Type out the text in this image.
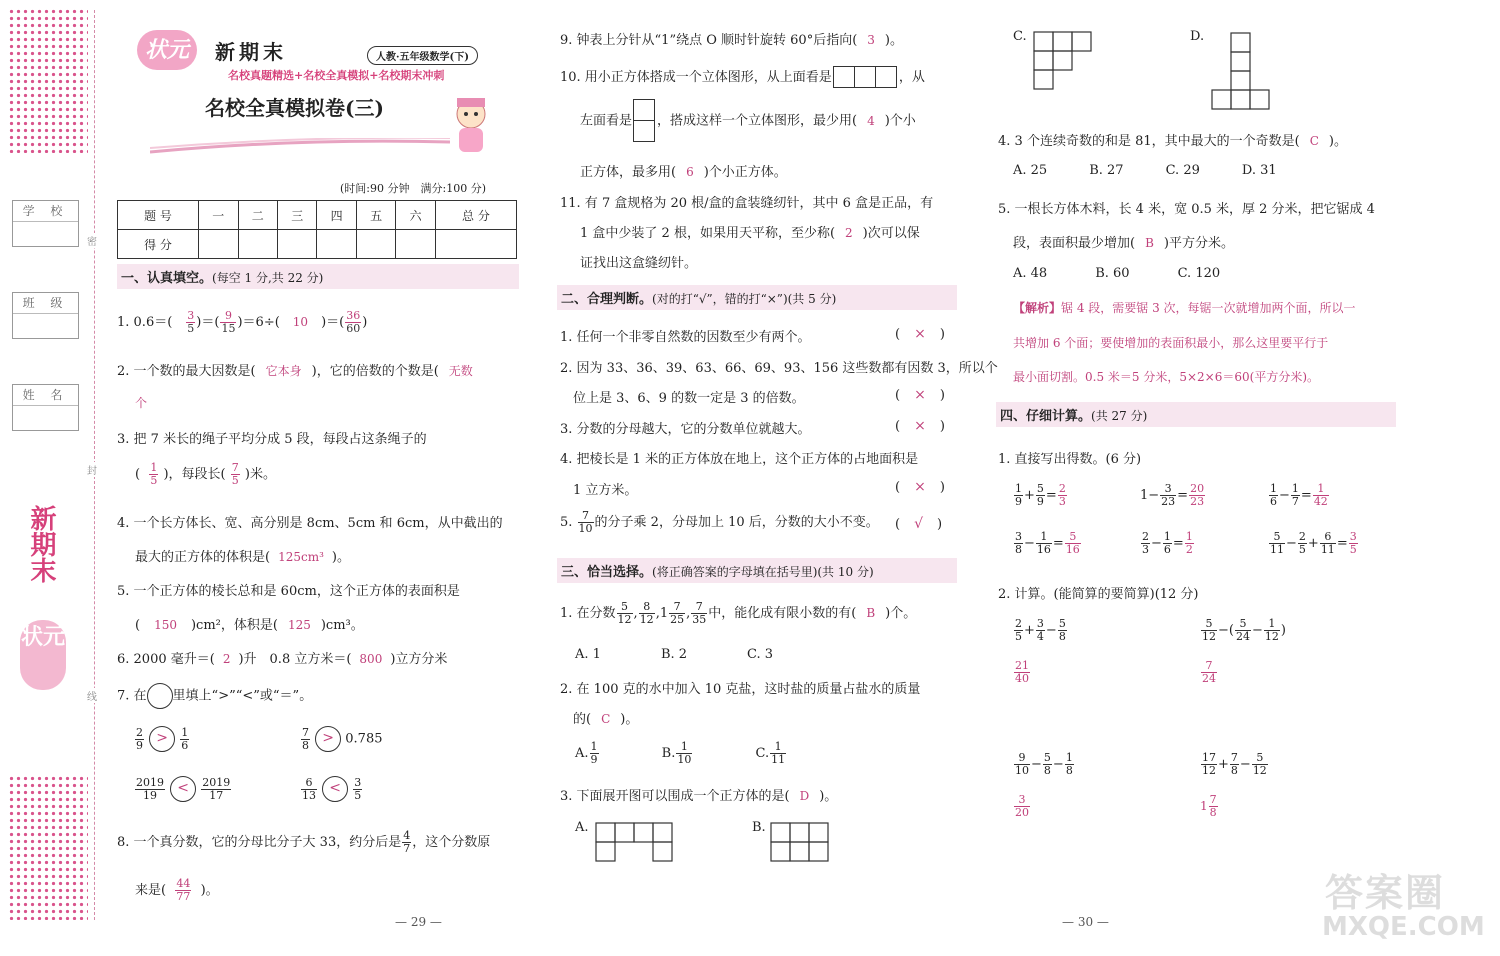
密
封
线
学 校
班 级
姓 名
新期末
状元
状元	新期末	人教·五年级数学(下)
名校真题精选+名校全真模拟+名校期末冲刺
名校全真模拟卷(三)
(时间:90 分钟　满分:100 分)
题 号	一	二	三	四	五	六	总 分
得 分							
一、认真填空。(每空 1 分,共 22 分)
1. 0.6＝(　 $\frac{3}{5}$ )＝( $\frac{9}{15} )=6\div$(　10　)＝( $\frac{36}{60}$ )
2. 一个数的最大因数是( 它本身 )，它的倍数的个数是( 无数
个
3. 把 7 米长的绳子平均分成 5 段，每段占这条绳子的
( $\frac{1}{5}$ )，每段长( $\frac{7}{5}$ )米。
4. 一个长方体长、宽、高分别是 8cm、5cm 和 6cm，从中截出的
最大的正方体的体积是( 125cm³ )。
5. 一个正方体的棱长总和是 60cm，这个正方体的表面积是
( 150 )cm²，体积是( 125 )cm³。
6. 2000 毫升＝( 2 )升　0.8 立方米＝( 800 )立方分米
7. 在 里填上“>”“<”或“＝”。
$\frac{2}{9} > \frac{1}{6}$	$\frac{7}{8} > 0.785$
$\frac{2019}{19} < \frac{2019}{17}$	$\frac{6}{13} < \frac{3}{5}$
8. 一个真分数，它的分母比分子大 33，约分后是 $\frac{4}{7}$ ，这个分数原
来是( $\frac{44}{77}$ )。
— 29 —
9. 钟表上分针从“1”绕点 O 顺时针旋转 60°后指向( 3 )。
10. 用小正方体搭成一个立体图形，从上面看是	，从
左面看是 ，搭成这样一个立体图形，最少用( 4 )个小
正方体，最多用( 6 )个小正方体。
11. 有 7 盒规格为 20 根/盒的盒装缝纫针，其中 6 盒是正品，有
1 盒中少装了 2 根，如果用天平称，至少称( 2 )次可以保
证找出这盒缝纫针。
二、合理判断。(对的打“√”，错的打“×”)(共 5 分)
1. 任何一个非零自然数的因数至少有两个。	( × )
2. 因为 33、36、39、63、66、69、93、156 这些数都有因数 3，所以个
位上是 3、6、9 的数一定是 3 的倍数。	( × )
3. 分数的分母越大，它的分数单位就越大。	( × )
4. 把棱长是 1 米的正方体放在地上，这个正方体的占地面积是
1 立方米。	( × )
5. $\frac{7}{10}$ 的分子乘 2，分母加上 10 后，分数的大小不变。 ( √ )
三、恰当选择。(将正确答案的字母填在括号里)(共 10 分)
1. 在分数 $\frac{5}{12}$ , $\frac{8}{12} ,1 \frac{7}{25}$ , $\frac{7}{35}$ 中，能化成有限小数的有( B )个。
A. 1	B. 2	C. 3
2. 在 100 克的水中加入 10 克盐，这时盐的质量占盐水的质量
的( C )。
A. $\frac{1}{9}$	B. $\frac{1}{10}$	C. $\frac{1}{11}$
3. 下面展开图可以围成一个正方体的是( D )。
A.	B.
— 30 —
C.	D.
4. 3 个连续奇数的和是 81，其中最大的一个奇数是( C )。
A. 25	B. 27	C. 29	D. 31
5. 一根长方体木料，长 4 米，宽 0.5 米，厚 2 分米，把它锯成 4
段，表面积最少增加( B )平方分米。
A. 48	B. 60	C. 120
【解析】锯 4 段，需要锯 3 次，每锯一次就增加两个面，所以一
共增加 6 个面；要使增加的表面积最小，那么这里要平行于
最小面切割。0.5 米＝5 分米，5×2×6＝60(平方分米)。
四、仔细计算。(共 27 分)
1. 直接写出得数。(6 分)
2. 计算。(能简算的要简算)(12 分)
答案圈
MXQE.COM
$\frac{1}{9} + \frac{5}{9} = \frac{2}{3}$	$1- \frac{3}{23} = \frac{20}{23}$	$\frac{1}{6} - \frac{1}{7} = \frac{1}{42}$
$\frac{3}{8} - \frac{1}{16} = \frac{5}{16}$	$\frac{2}{3} - \frac{1}{6} = \frac{1}{2}$	$\frac{5}{11} - \frac{2}{5} + \frac{6}{11} = \frac{3}{5}$
$\frac{2}{5} + \frac{3}{4} - \frac{5}{8}$
$\frac{21}{40}$
$\frac{5}{12}$ −( $\frac{5}{24} - \frac{1}{12}$ )
$\frac{7}{24}$
$\frac{9}{10} - \frac{5}{8} - \frac{1}{8}$
$\frac{3}{20}$
$\frac{17}{12} + \frac{7}{8} - \frac{5}{12}$
$1 \frac{7}{8}$
